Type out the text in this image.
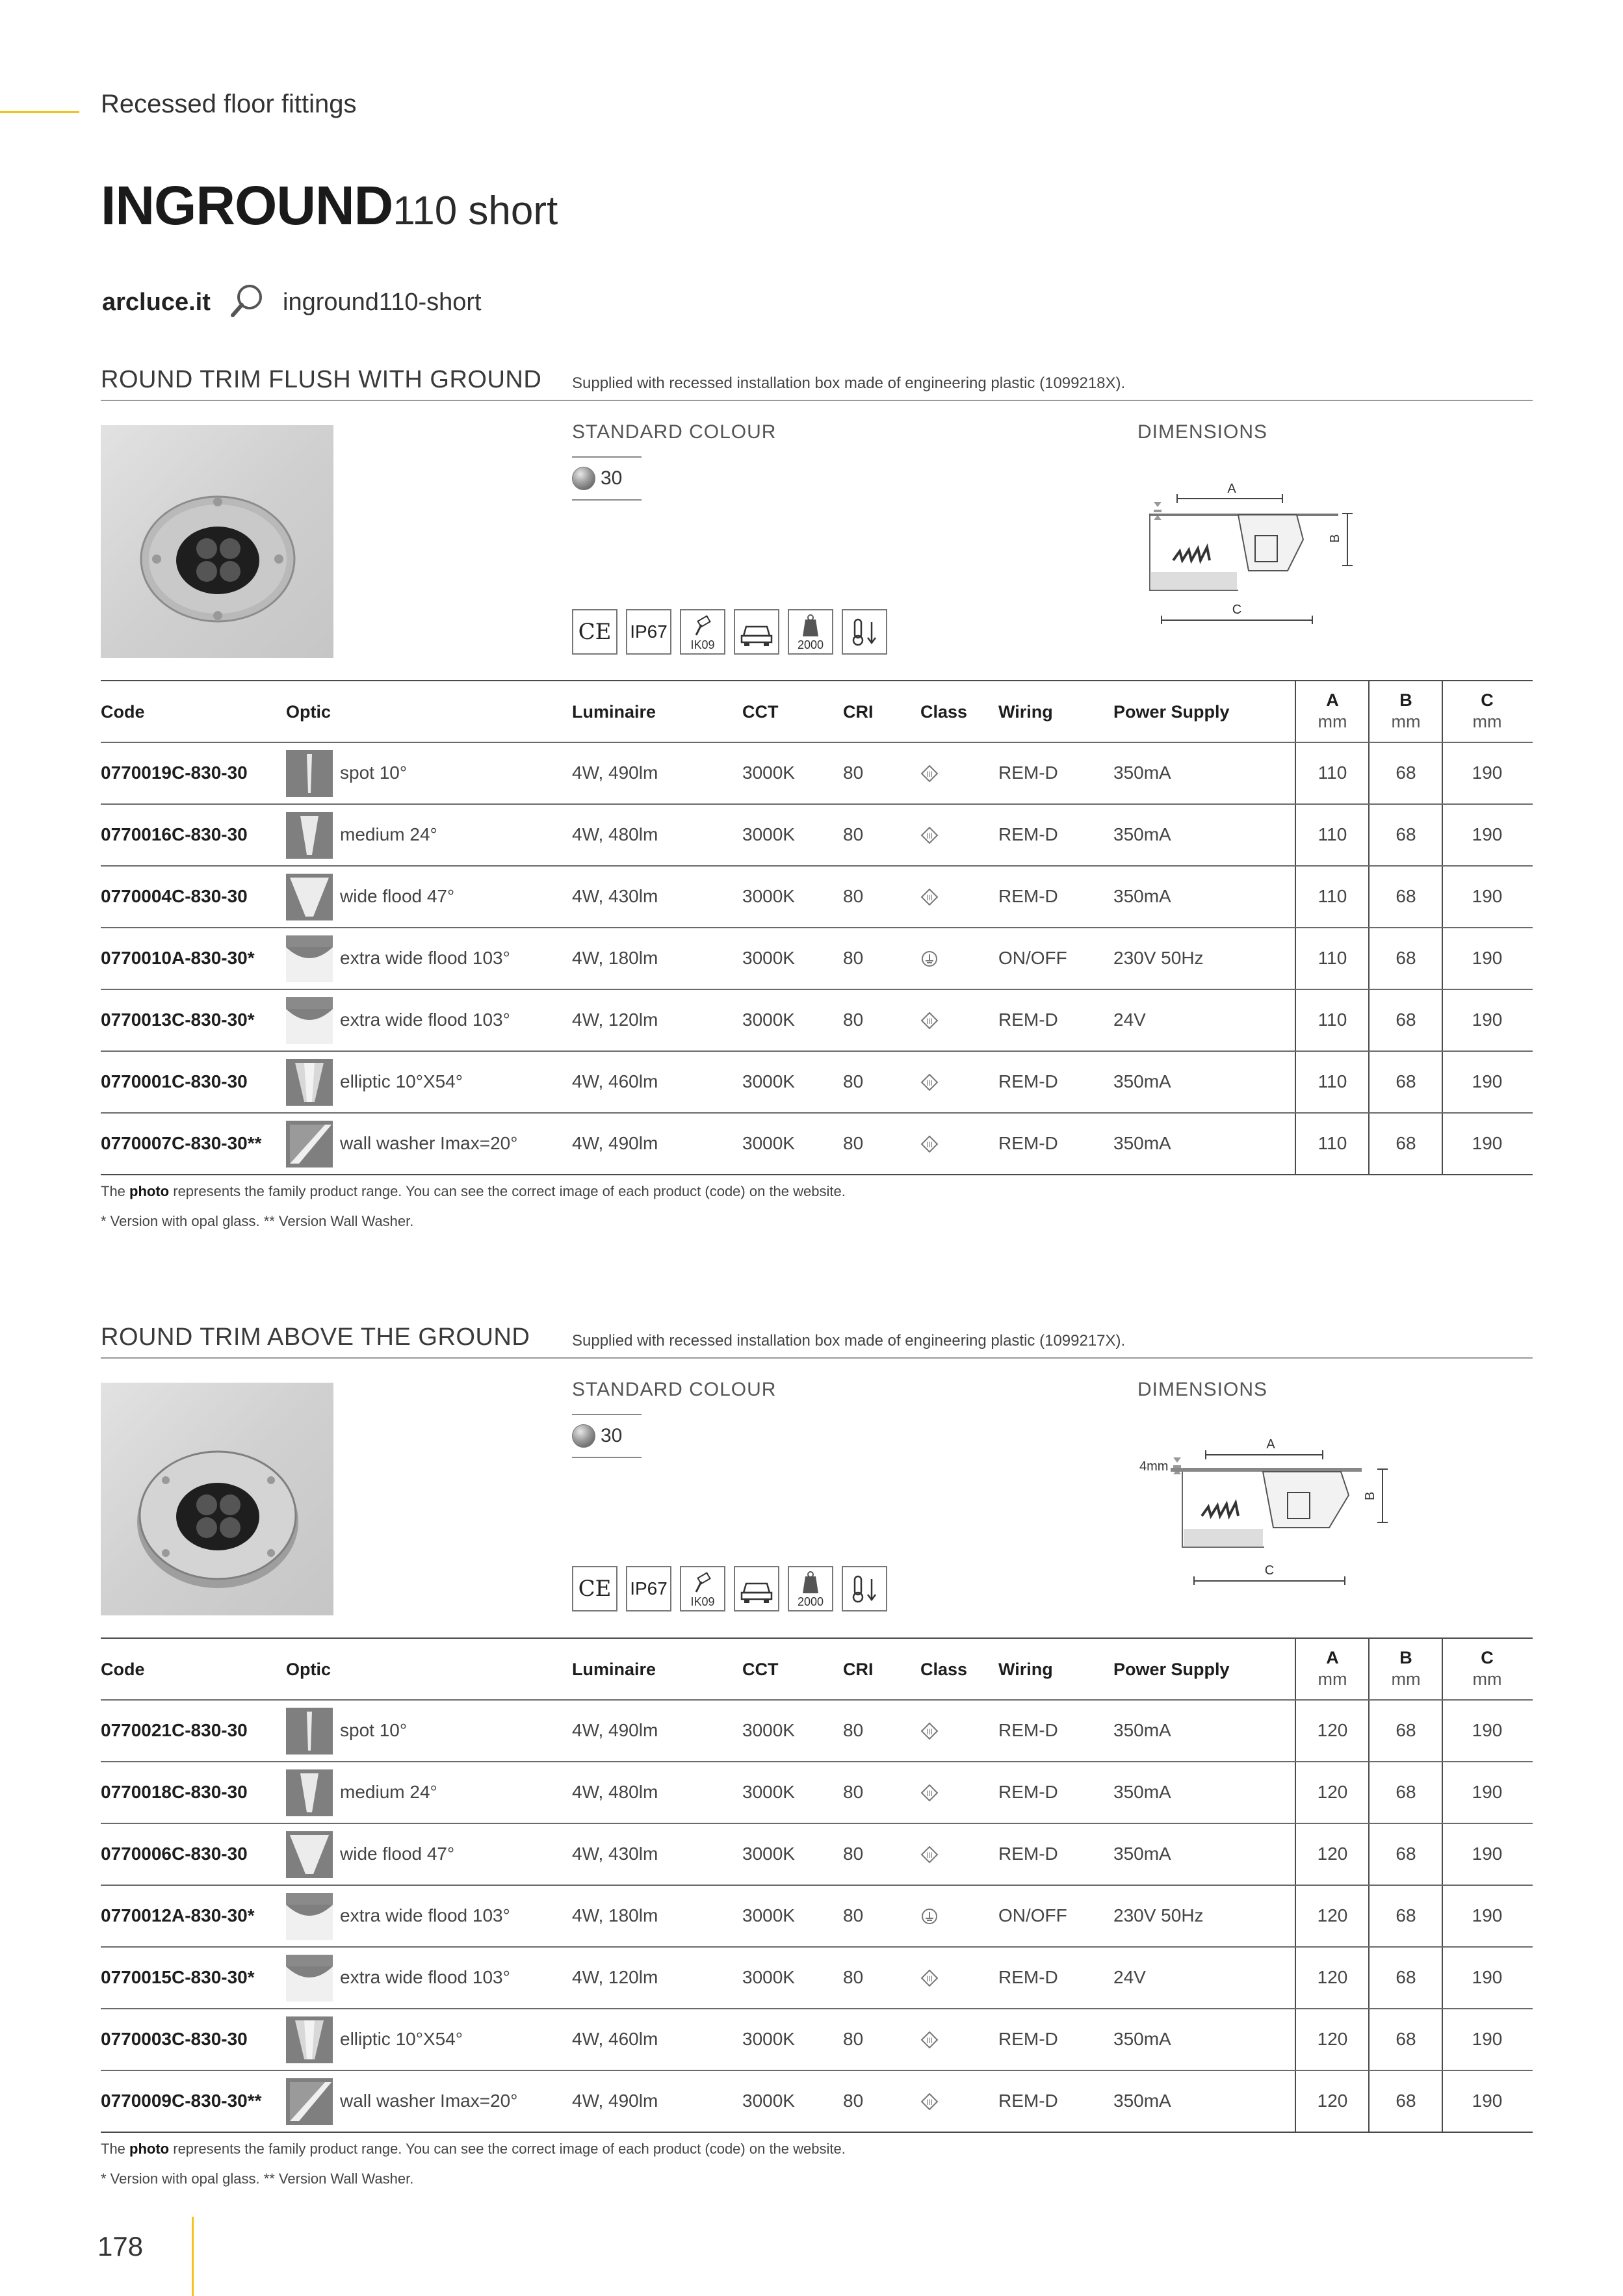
Recessed floor fittings
INGROUND110 short
arcluce.it	inground110-short
ROUND TRIM FLUSH WITH GROUND Supplied with recessed installation box made of engineering plastic (1099218X).
STANDARD COLOUR
30
DIMENSIONS
A
B
C
CE IP67
IK09	2000
Code	Optic	Luminaire	CCT	CRI	Class Wiring	Power Supply
A
mm
B
mm
C
mm
0770019C-830-30	spot 10°	4W, 490lm	3000K	80	III	REM-D	350mA	110	68	190
0770016C-830-30	medium 24°	4W, 480lm	3000K	80	III	REM-D	350mA	110	68	190
0770004C-830-30	wide flood 47°	4W, 430lm	3000K	80	III	REM-D	350mA	110	68	190
0770010A-830-30*	extra wide flood 103°	4W, 180lm	3000K	80	ON/OFF	230V 50Hz	110	68	190
0770013C-830-30*	extra wide flood 103°	4W, 120lm	3000K	80	III	REM-D	24V	110	68	190
0770001C-830-30	elliptic 10°X54°	4W, 460lm	3000K	80	III	REM-D	350mA	110	68	190
0770007C-830-30**	wall washer Imax=20°	4W, 490lm	3000K	80	III	REM-D	350mA	110	68	190
The photo represents the family product range. You can see the correct image of each product (code) on the website.
* Version with opal glass. ** Version Wall Washer.
ROUND TRIM ABOVE THE GROUND	Supplied with recessed installation box made of engineering plastic (1099217X).
STANDARD COLOUR
30
DIMENSIONS
A
4mm
B
C
CE IP67
IK09	2000
Code	Optic	Luminaire	CCT	CRI	Class Wiring	Power Supply
A
mm
B
mm
C
mm
0770021C-830-30	spot 10°	4W, 490lm	3000K	80	III	REM-D	350mA	120	68	190
0770018C-830-30	medium 24°	4W, 480lm	3000K	80	III	REM-D	350mA	120	68	190
0770006C-830-30	wide flood 47°	4W, 430lm	3000K	80	III	REM-D	350mA	120	68	190
0770012A-830-30*	extra wide flood 103°	4W, 180lm	3000K	80	ON/OFF	230V 50Hz	120	68	190
0770015C-830-30*	extra wide flood 103°	4W, 120lm	3000K	80	III	REM-D	24V	120	68	190
0770003C-830-30	elliptic 10°X54°	4W, 460lm	3000K	80	III	REM-D	350mA	120	68	190
0770009C-830-30**	wall washer Imax=20°	4W, 490lm	3000K	80	III	REM-D	350mA	120	68	190
The photo represents the family product range. You can see the correct image of each product (code) on the website.
* Version with opal glass. ** Version Wall Washer.
178
